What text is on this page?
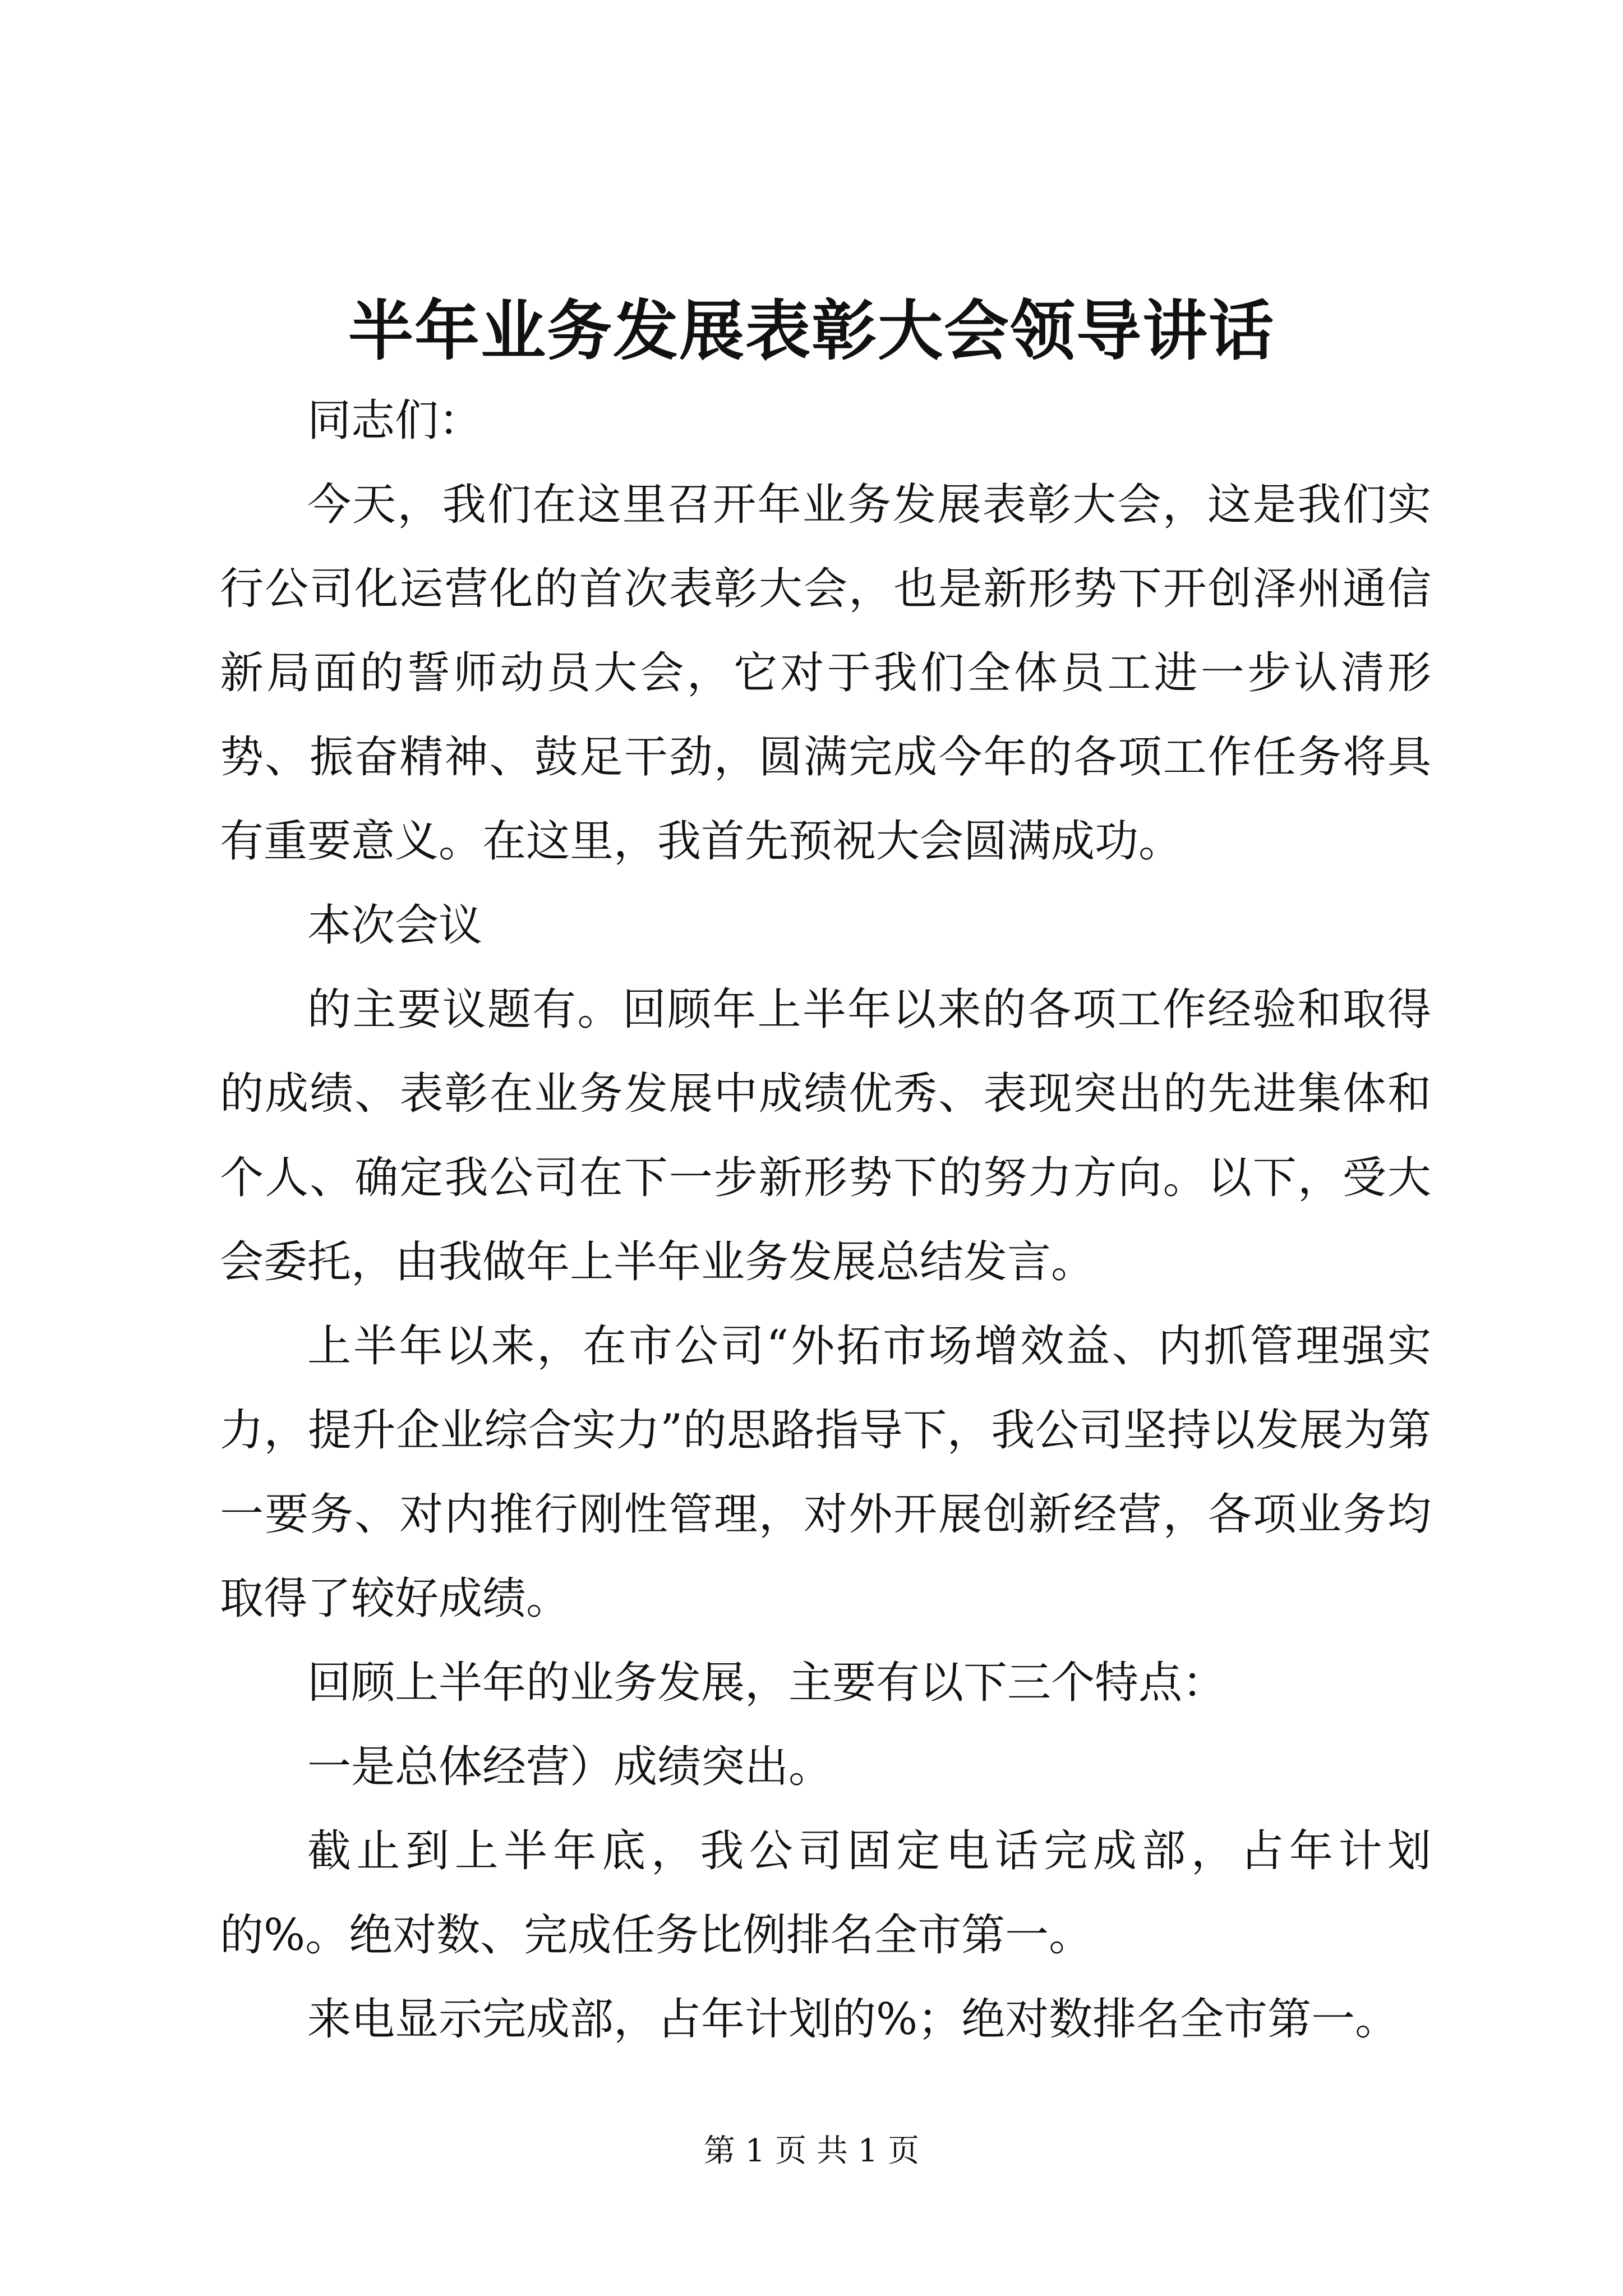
半年业务发展表彰大会领导讲话

同志们：

今天，我们在这里召开年业务发展表彰大会，这是我们实行公司化运营化的首次表彰大会，也是新形势下开创泽州通信新局面的誓师动员大会，它对于我们全体员工进一步认清形势、振奋精神、鼓足干劲，圆满完成今年的各项工作任务将具有重要意义。在这里，我首先预祝大会圆满成功。

本次会议

的主要议题有。回顾年上半年以来的各项工作经验和取得的成绩、表彰在业务发展中成绩优秀、表现突出的先进集体和个人、确定我公司在下一步新形势下的努力方向。以下，受大会委托，由我做年上半年业务发展总结发言。

上半年以来，在市公司“外拓市场增效益、内抓管理强实力，提升企业综合实力”的思路指导下，我公司坚持以发展为第一要务、对内推行刚性管理，对外开展创新经营，各项业务均取得了较好成绩。

回顾上半年的业务发展，主要有以下三个特点：

一是总体经营）成绩突出。

截止到上半年底，我公司固定电话完成部，占年计划的%。绝对数、完成任务比例排名全市第一。

来电显示完成部，占年计划的%；绝对数排名全市第一。

第 1 页 共 1 页
